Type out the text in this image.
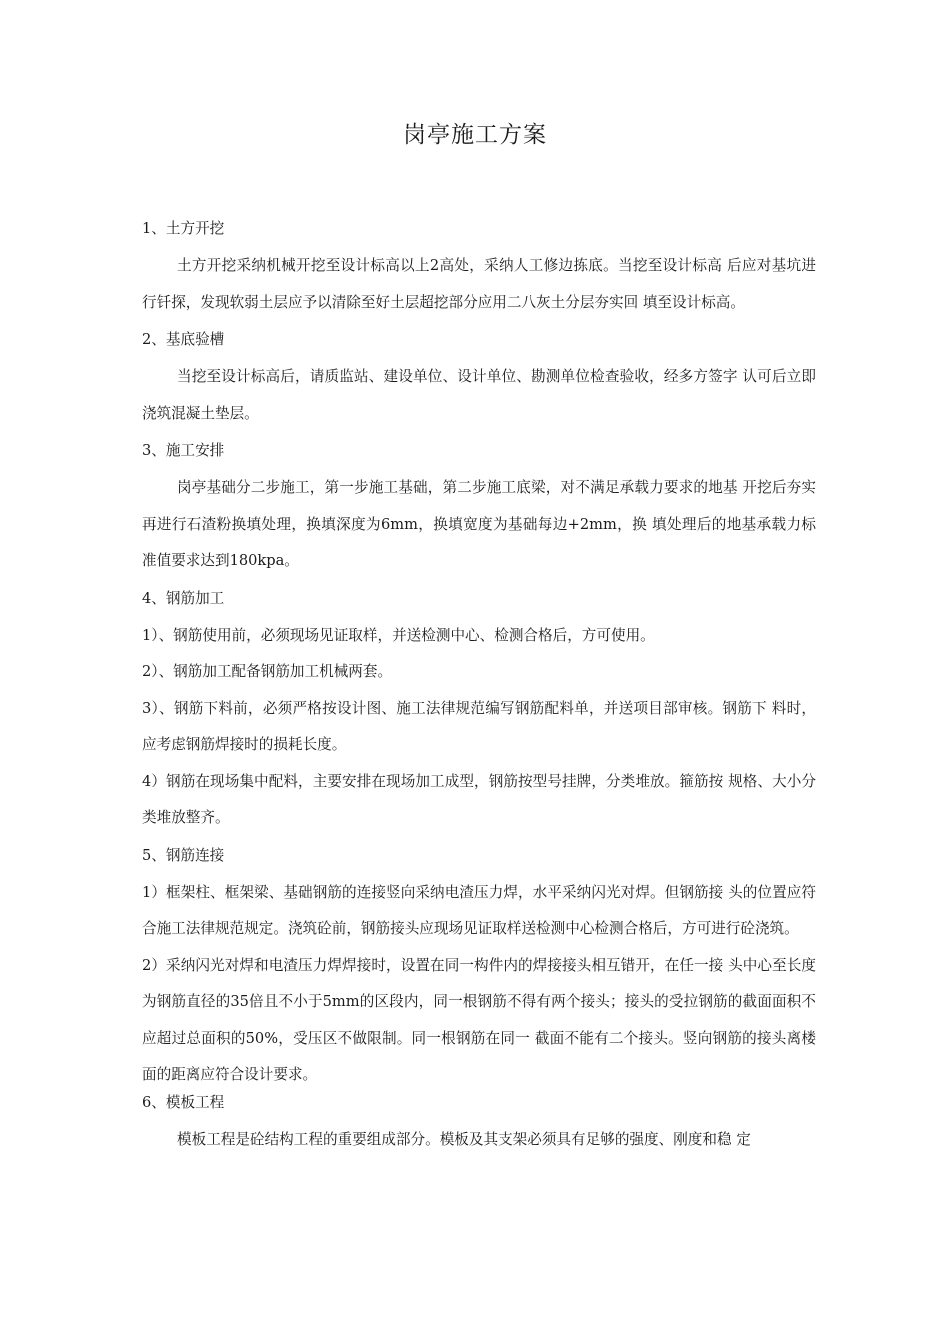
岗亭施工方案

1、土方开挖

土方开挖采纳机械开挖至设计标高以上2高处，采纳人工修边拣底。当挖至设计标高 后应对基坑进行钎探，发现软弱土层应予以清除至好土层超挖部分应用二八灰土分层夯实回 填至设计标高。

2、基底验槽

当挖至设计标高后，请质监站、建设单位、设计单位、勘测单位检查验收，经多方签字 认可后立即浇筑混凝土垫层。

3、施工安排

岗亭基础分二步施工，第一步施工基础，第二步施工底梁，对不满足承载力要求的地基 开挖后夯实再进行石渣粉换填处理，换填深度为6mm，换填宽度为基础每边+2mm，换 填处理后的地基承载力标准值要求达到180kpa。

4、钢筋加工

1）、钢筋使用前，必须现场见证取样，并送检测中心、检测合格后，方可使用。

2）、钢筋加工配备钢筋加工机械两套。

3）、钢筋下料前，必须严格按设计图、施工法律规范编写钢筋配料单，并送项目部审核。钢筋下 料时，应考虑钢筋焊接时的损耗长度。

4）钢筋在现场集中配料，主要安排在现场加工成型，钢筋按型号挂牌，分类堆放。箍筋按 规格、大小分类堆放整齐。

5、钢筋连接

1）框架柱、框架梁、基础钢筋的连接竖向采纳电渣压力焊，水平采纳闪光对焊。但钢筋接 头的位置应符合施工法律规范规定。浇筑砼前，钢筋接头应现场见证取样送检测中心检测合格后，方可进行砼浇筑。

2）采纳闪光对焊和电渣压力焊焊接时，设置在同一构件内的焊接接头相互错开，在任一接 头中心至长度为钢筋直径的35倍且不小于5mm的区段内，同一根钢筋不得有两个接头；接头的受拉钢筋的截面面积不应超过总面积的50%，受压区不做限制。同一根钢筋在同一 截面不能有二个接头。竖向钢筋的接头离楼面的距离应符合设计要求。

6、模板工程

模板工程是砼结构工程的重要组成部分。模板及其支架必须具有足够的强度、刚度和稳 定
